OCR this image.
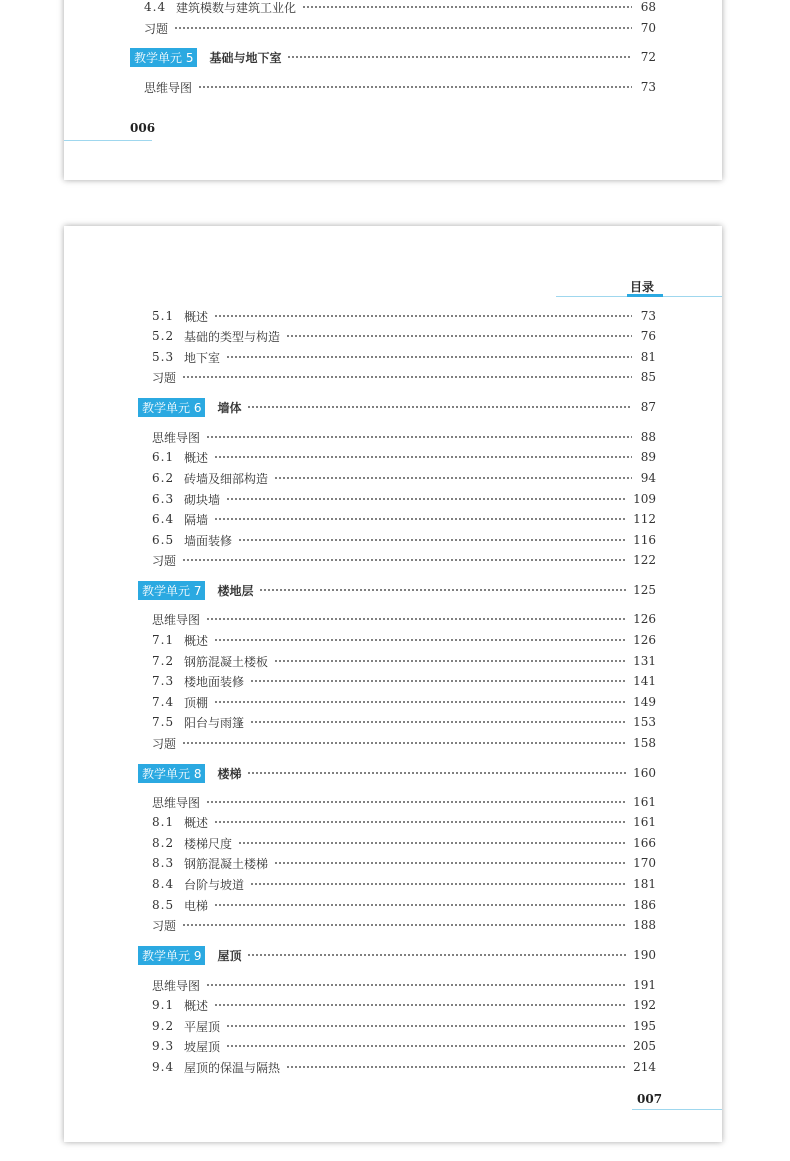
4.4 建筑模数与建筑工业化	68
习题	70
教学单元 5	基础与地下室	72
思维导图	73
006
目录
5.1 概述	73
5.2 基础的类型与构造	76
5.3 地下室	81
习题	85
教学单元 6	墙体	87
思维导图	88
6.1 概述	89
6.2 砖墙及细部构造	94
6.3 砌块墙	109
6.4 隔墙	112
6.5 墙面装修	116
习题	122
教学单元 7	楼地层	125
思维导图	126
7.1 概述	126
7.2 钢筋混凝土楼板	131
7.3 楼地面装修	141
7.4 顶棚	149
7.5 阳台与雨篷	153
习题	158
教学单元 8	楼梯	160
思维导图	161
8.1 概述	161
8.2 楼梯尺度	166
8.3 钢筋混凝土楼梯	170
8.4 台阶与坡道	181
8.5 电梯	186
习题	188
教学单元 9	屋顶	190
思维导图	191
9.1 概述	192
9.2 平屋顶	195
9.3 坡屋顶	205
9.4 屋顶的保温与隔热	214
007
